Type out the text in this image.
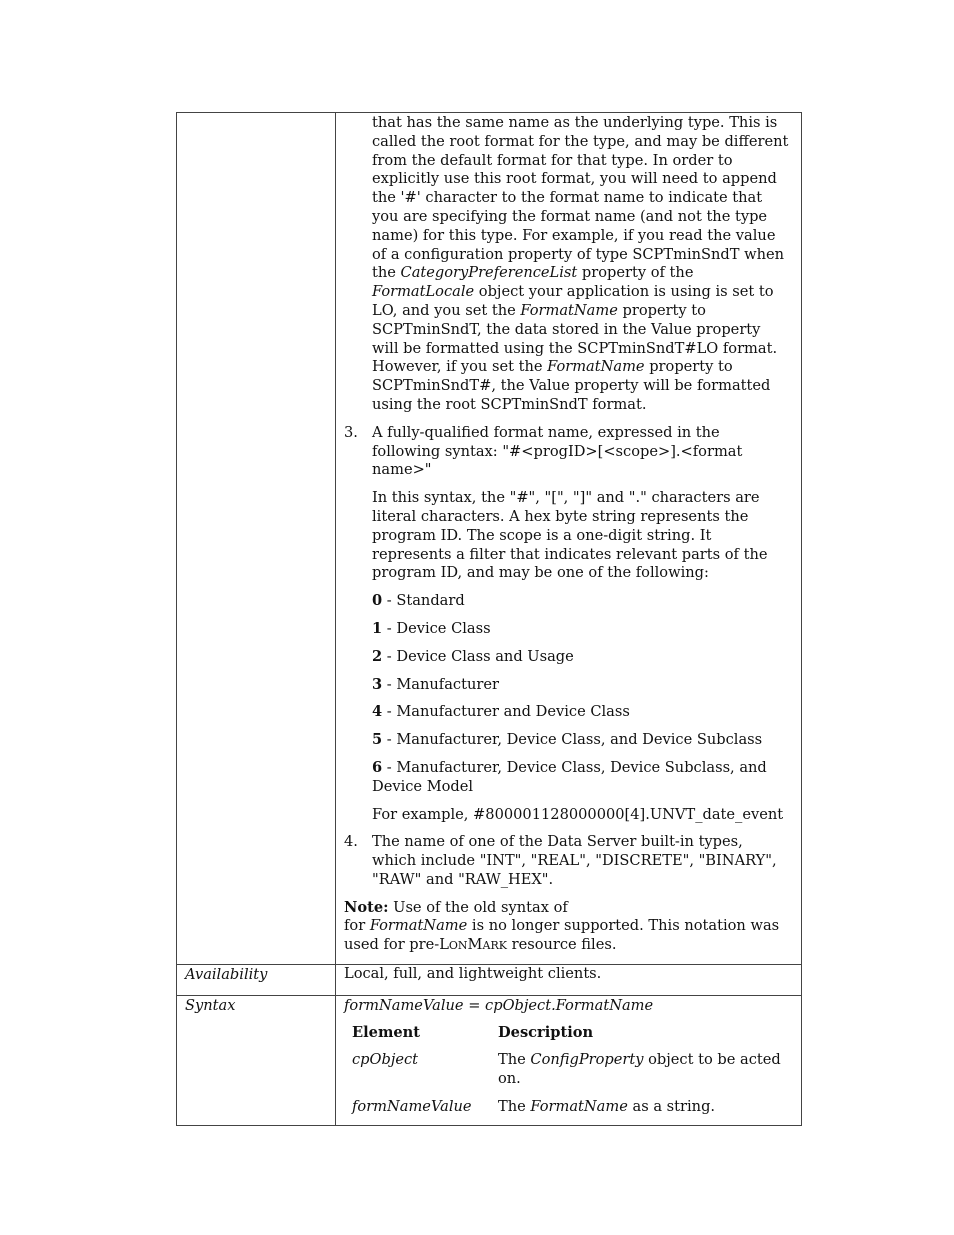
that has the same name as the underlying type. This is called the root format for the type, and may be different from the default format for that type. In order to explicitly use this root format, you will need to append the '#' character to the format name to indicate that you are specifying the format name (and not the type name) for this type. For example, if you read the value of a configuration property of type SCPTminSndT when the CategoryPreferenceList property of the FormatLocale object your application is using is set to LO, and you set the FormatName property to SCPTminSndT, the data stored in the Value property will be formatted using the SCPTminSndT#LO format. However, if you set the FormatName property to SCPTminSndT#, the Value property will be formatted using the root SCPTminSndT format.

3. A fully-qualified format name, expressed in the following syntax: "#<progID>[<scope>].<format name>"

In this syntax, the "#", "[", "]" and "." characters are literal characters. A hex byte string represents the program ID. The scope is a one-digit string. It represents a filter that indicates relevant parts of the program ID, and may be one of the following:

0 - Standard

1 - Device Class

2 - Device Class and Usage

3 - Manufacturer

4 - Manufacturer and Device Class

5 - Manufacturer, Device Class, and Device Subclass

6 - Manufacturer, Device Class, Device Subclass, and Device Model

For example, #800001128000000[4].UNVT_date_event

4. The name of one of the Data Server built-in types, which include "INT", "REAL", "DISCRETE", "BINARY", "RAW" and "RAW_HEX".

Note: Use of the old syntax of
for FormatName is no longer supported. This notation was used for pre-LONMARK resource files.

Availability	Local, full, and lightweight clients.
Syntax	formNameValue = cpObject.FormatName

Element	Description
cpObject	The ConfigProperty object to be acted on.
formNameValue	The FormatName as a string.
